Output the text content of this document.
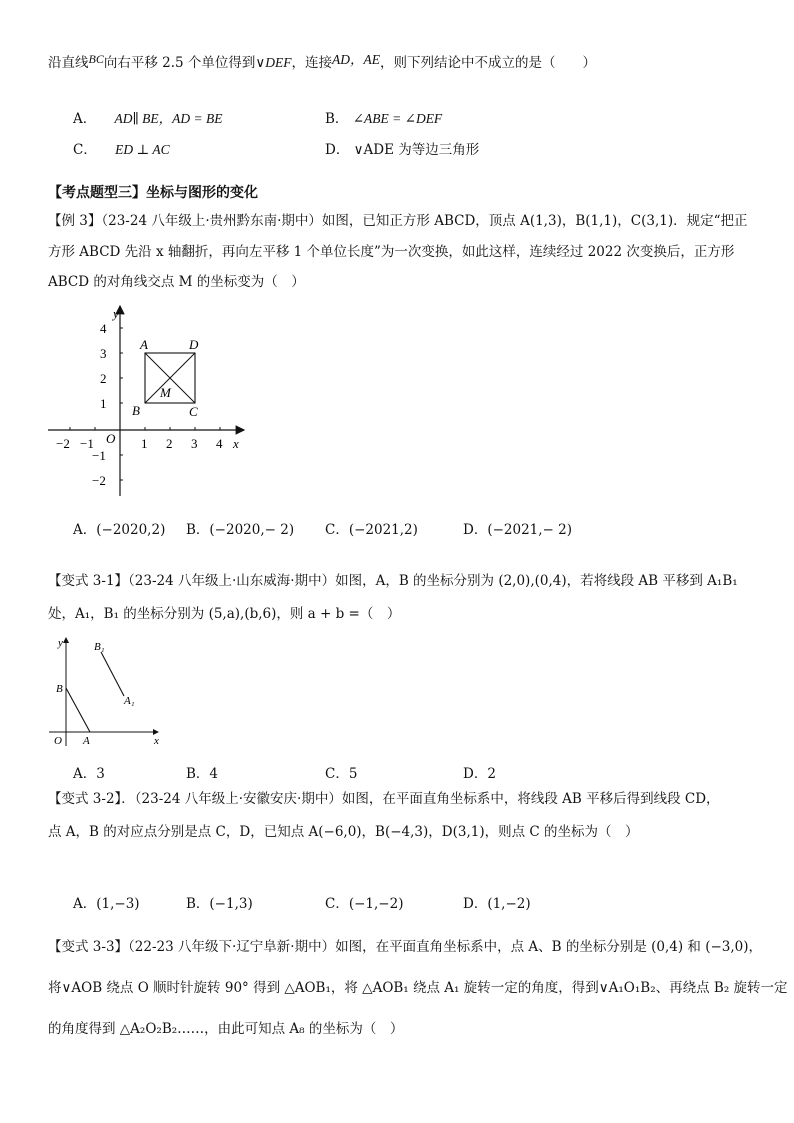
沿直线BC向右平移 2.5 个单位得到∨DEF，连接AD，AE，则下列结论中不成立的是（　　）
A． AD∥ BE，AD = BE	B． ∠ABE = ∠DEF
C． ED ⊥ AC	D． ∨ADE 为等边三角形
【考点题型三】坐标与图形的变化
【例 3】（23-24 八年级上·贵州黔东南·期中）如图，已知正方形 ABCD，顶点 A(1,3)，B(1,1)，C(3,1)．规定“把正
方形 ABCD 先沿 x 轴翻折，再向左平移 1 个单位长度”为一次变换，如此这样，连续经过 2022 次变换后，正方形
ABCD 的对角线交点 M 的坐标变为（　）
A	D
B	C
M
y
x
O
−2 −1	1 2 3 4
4
3
2
1
−1
−2
A．(−2020,2) B．(−2020,− 2) C．(−2021,2)	D．(−2021,− 2)
【变式 3-1】（23-24 八年级上·山东威海·期中）如图，A，B 的坐标分别为 (2,0),(0,4)，若将线段 AB 平移到 A₁B₁
处，A₁，B₁ 的坐标分别为 (5,a),(b,6)，则 a + b =（　）
y
x
O A
B
A₁
B₁
A．3	B．4	C．5	D．2
【变式 3-2】．（23-24 八年级上·安徽安庆·期中）如图，在平面直角坐标系中，将线段 AB 平移后得到线段 CD，
点 A，B 的对应点分别是点 C，D，已知点 A(−6,0)，B(−4,3)，D(3,1)，则点 C 的坐标为（　）
A．(1,−3)	B．(−1,3)	C．(−1,−2)	D．(1,−2)
【变式 3-3】（22-23 八年级下·辽宁阜新·期中）如图，在平面直角坐标系中，点 A、B 的坐标分别是 (0,4) 和 (−3,0)，
将∨AOB 绕点 O 顺时针旋转 90° 得到 △AOB₁，将 △AOB₁ 绕点 A₁ 旋转一定的角度，得到∨A₁O₁B₂、再绕点 B₂ 旋转一定
的角度得到 △A₂O₂B₂……，由此可知点 A₈ 的坐标为（　）
